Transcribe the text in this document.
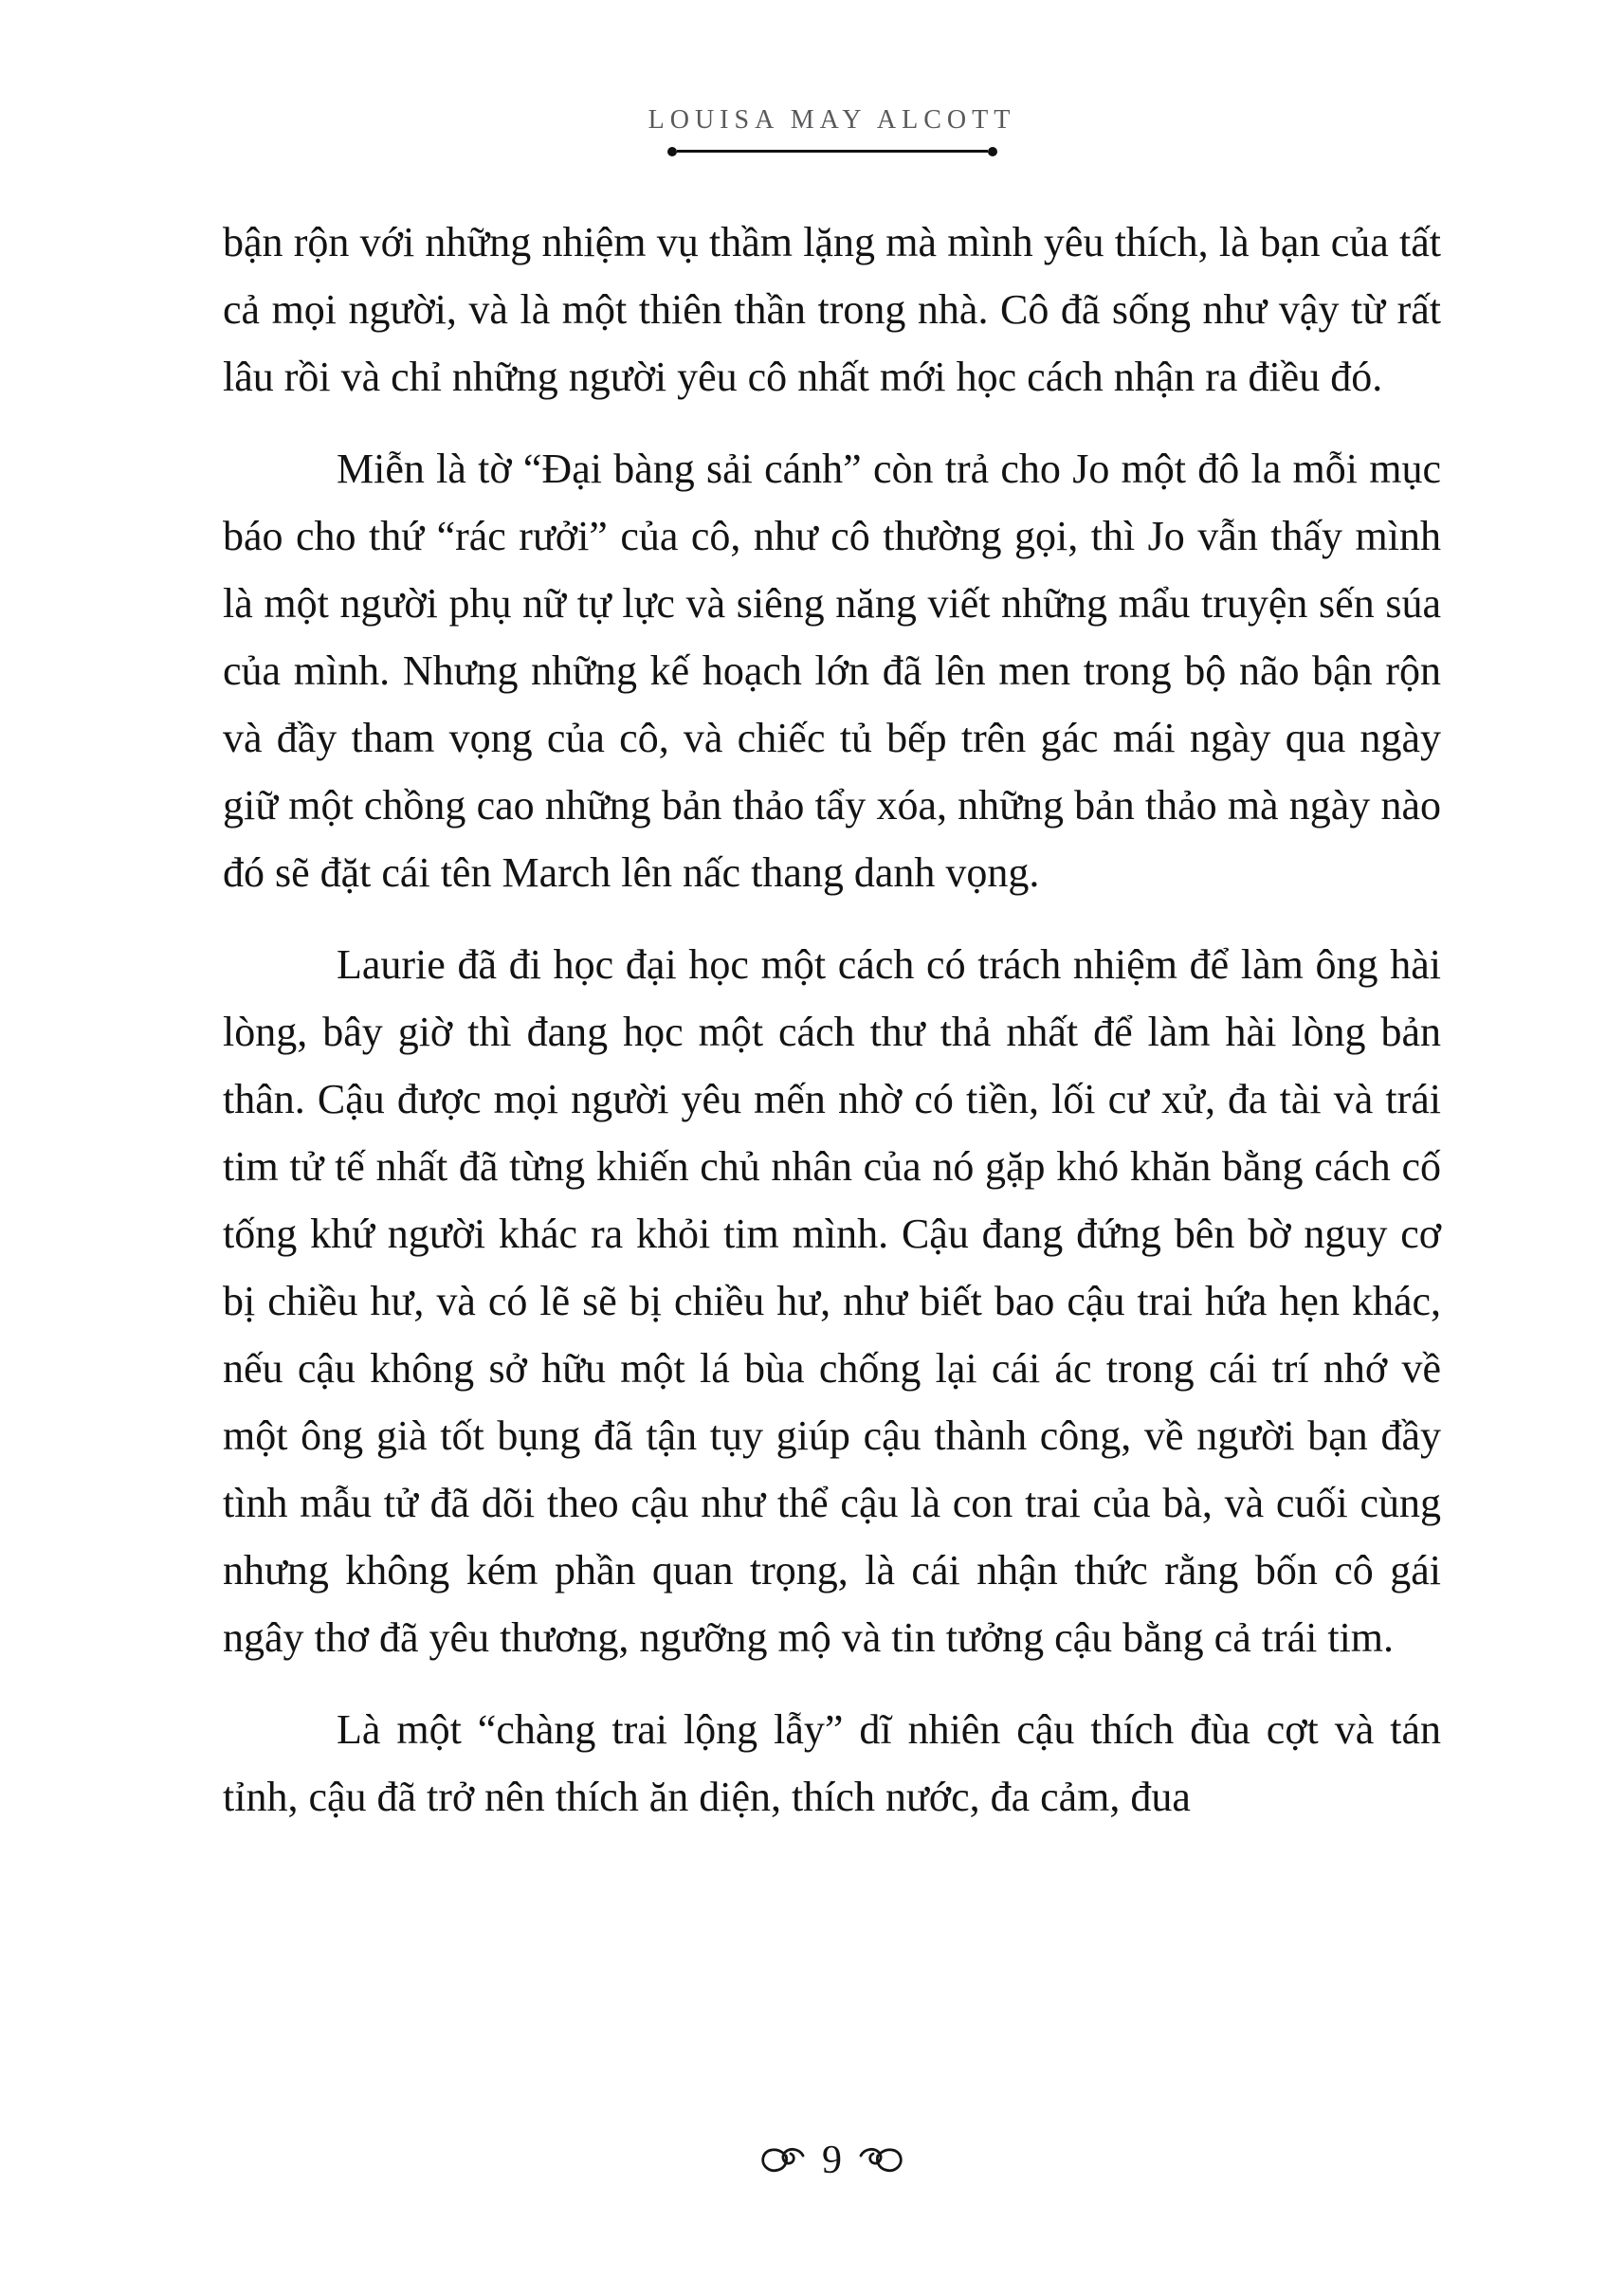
LOUISA MAY ALCOTT

bận rộn với những nhiệm vụ thầm lặng mà mình yêu thích, là bạn của tất cả mọi người, và là một thiên thần trong nhà. Cô đã sống như vậy từ rất lâu rồi và chỉ những người yêu cô nhất mới học cách nhận ra điều đó.

Miễn là tờ “Đại bàng sải cánh” còn trả cho Jo một đô la mỗi mục báo cho thứ “rác rưởi” của cô, như cô thường gọi, thì Jo vẫn thấy mình là một người phụ nữ tự lực và siêng năng viết những mẩu truyện sến súa của mình. Nhưng những kế hoạch lớn đã lên men trong bộ não bận rộn và đầy tham vọng của cô, và chiếc tủ bếp trên gác mái ngày qua ngày giữ một chồng cao những bản thảo tẩy xóa, những bản thảo mà ngày nào đó sẽ đặt cái tên March lên nấc thang danh vọng.

Laurie đã đi học đại học một cách có trách nhiệm để làm ông hài lòng, bây giờ thì đang học một cách thư thả nhất để làm hài lòng bản thân. Cậu được mọi người yêu mến nhờ có tiền, lối cư xử, đa tài và trái tim tử tế nhất đã từng khiến chủ nhân của nó gặp khó khăn bằng cách cố tống khứ người khác ra khỏi tim mình. Cậu đang đứng bên bờ nguy cơ bị chiều hư, và có lẽ sẽ bị chiều hư, như biết bao cậu trai hứa hẹn khác, nếu cậu không sở hữu một lá bùa chống lại cái ác trong cái trí nhớ về một ông già tốt bụng đã tận tụy giúp cậu thành công, về người bạn đầy tình mẫu tử đã dõi theo cậu như thể cậu là con trai của bà, và cuối cùng nhưng không kém phần quan trọng, là cái nhận thức rằng bốn cô gái ngây thơ đã yêu thương, ngưỡng mộ và tin tưởng cậu bằng cả trái tim.

Là một “chàng trai lộng lẫy” dĩ nhiên cậu thích đùa cợt và tán tỉnh, cậu đã trở nên thích ăn diện, thích nước, đa cảm, đua

9
